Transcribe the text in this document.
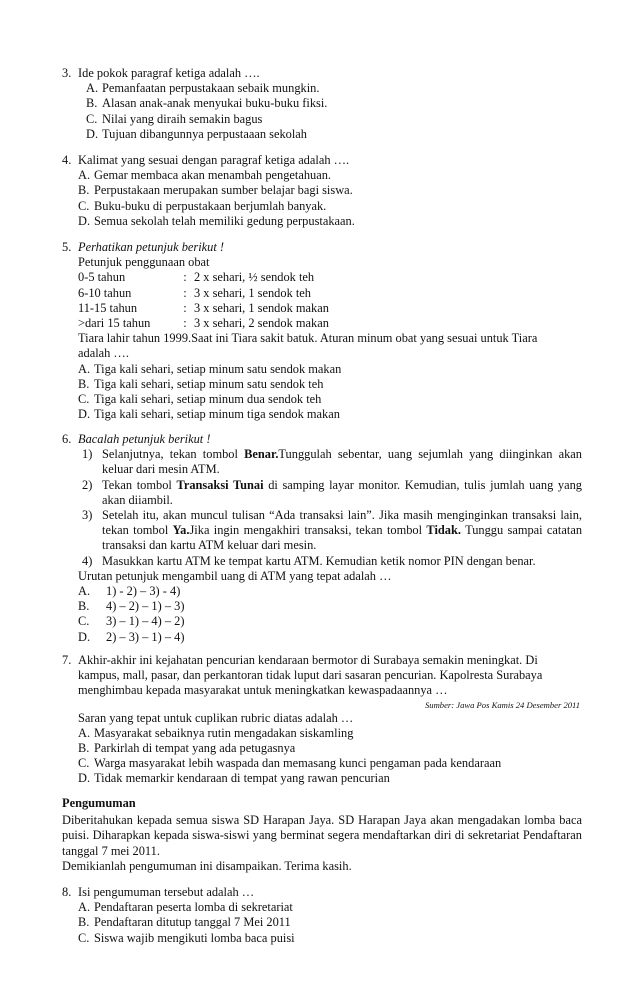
3. Ide pokok paragraf ketiga adalah ….
A. Pemanfaatan perpustakaan sebaik mungkin.
B. Alasan anak-anak menyukai buku-buku fiksi.
C. Nilai yang diraih semakin bagus
D. Tujuan dibangunnya perpustaaan sekolah
4. Kalimat yang sesuai dengan paragraf ketiga adalah ….
A. Gemar membaca akan menambah pengetahuan.
B. Perpustakaan merupakan sumber belajar bagi siswa.
C. Buku-buku di perpustakaan berjumlah banyak.
D. Semua sekolah telah memiliki gedung perpustakaan.
5. Perhatikan petunjuk berikut !
Petunjuk penggunaan obat
0-5 tahun	: 2 x sehari, ½ sendok teh
6-10 tahun	: 3 x sehari, 1 sendok teh
11-15 tahun	: 3 x sehari, 1 sendok makan
>dari 15 tahun	: 3 x sehari, 2 sendok makan
Tiara lahir tahun 1999.Saat ini Tiara sakit batuk. Aturan minum obat yang sesuai untuk Tiara
adalah ….
A. Tiga kali sehari, setiap minum satu sendok makan
B. Tiga kali sehari, setiap minum satu sendok teh
C. Tiga kali sehari, setiap minum dua sendok teh
D. Tiga kali sehari, setiap minum tiga sendok makan
6. Bacalah petunjuk berikut !
1) Selanjutnya, tekan tombol Benar.Tunggulah sebentar, uang sejumlah yang diinginkan akan keluar dari mesin ATM.
2) Tekan tombol Transaksi Tunai di samping layar monitor. Kemudian, tulis jumlah uang yang akan diiambil.
3) Setelah itu, akan muncul tulisan “Ada transaksi lain”. Jika masih menginginkan transaksi lain, tekan tombol Ya.Jika ingin mengakhiri transaksi, tekan tombol Tidak. Tunggu sampai catatan transaksi dan kartu ATM keluar dari mesin.
4) Masukkan kartu ATM ke tempat kartu ATM. Kemudian ketik nomor PIN dengan benar.
Urutan petunjuk mengambil uang di ATM yang tepat adalah …
A. 1) - 2) – 3) - 4)
B. 4) – 2) – 1) – 3)
C. 3) – 1) – 4) – 2)
D. 2) – 3) – 1) – 4)
7. Akhir-akhir ini kejahatan pencurian kendaraan bermotor di Surabaya semakin meningkat. Di
kampus, mall, pasar, dan perkantoran tidak luput dari sasaran pencurian. Kapolresta Surabaya
menghimbau kepada masyarakat untuk meningkatkan kewaspadaannya …
Sumber: Jawa Pos Kamis 24 Desember 2011
Saran yang tepat untuk cuplikan rubric diatas adalah …
A. Masyarakat sebaiknya rutin mengadakan siskamling
B. Parkirlah di tempat yang ada petugasnya
C. Warga masyarakat lebih waspada dan memasang kunci pengaman pada kendaraan
D. Tidak memarkir kendaraan di tempat yang rawan pencurian
Pengumuman
Diberitahukan kepada semua siswa SD Harapan Jaya. SD Harapan Jaya akan mengadakan lomba baca puisi. Diharapkan kepada siswa-siswi yang berminat segera mendaftarkan diri di sekretariat Pendaftaran tanggal 7 mei 2011.
Demikianlah pengumuman ini disampaikan. Terima kasih.
8. Isi pengumuman tersebut adalah …
A. Pendaftaran peserta lomba di sekretariat
B. Pendaftaran ditutup tanggal 7 Mei 2011
C. Siswa wajib mengikuti lomba baca puisi
